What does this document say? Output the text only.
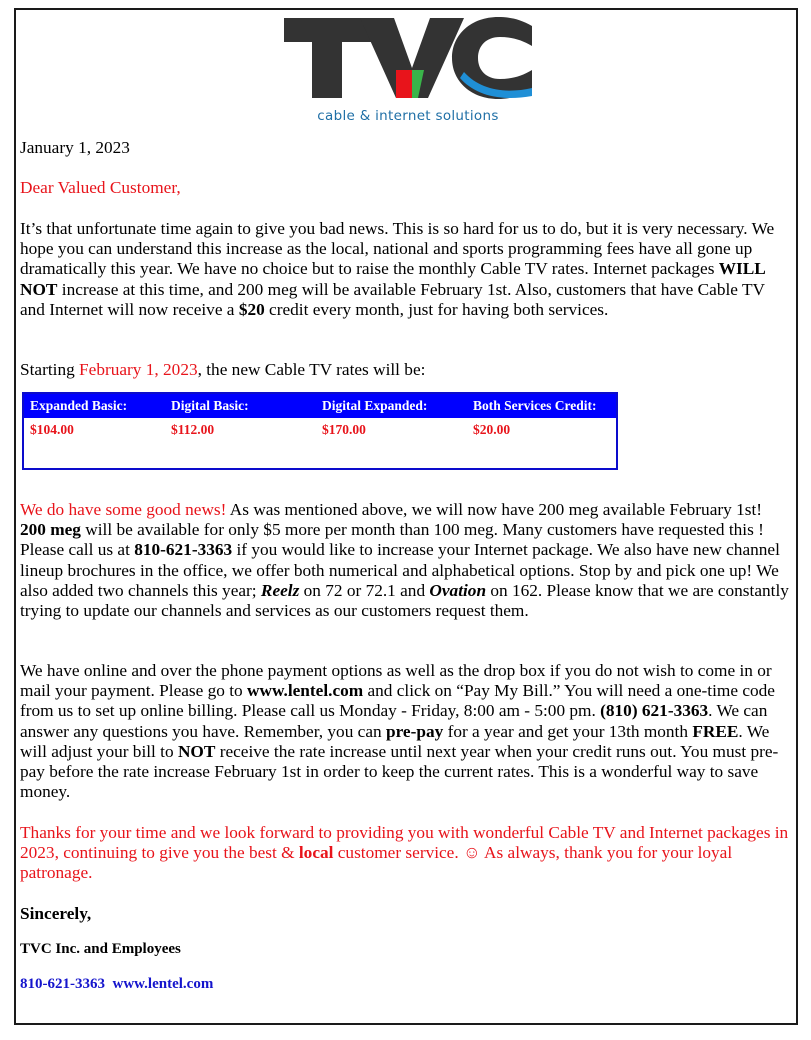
cable & internet solutions

January 1, 2023

Dear Valued Customer,

It’s that unfortunate time again to give you bad news. This is so hard for us to do, but it is very necessary. We hope you can understand this increase as the local, national and sports programming fees have all gone up dramatically this year. We have no choice but to raise the monthly Cable TV rates. Internet packages WILL NOT increase at this time, and 200 meg will be available February 1st. Also, customers that have Cable TV and Internet will now receive a $20 credit every month, just for having both services.

Starting February 1, 2023, the new Cable TV rates will be:

Expanded Basic:	Digital Basic:	Digital Expanded:	Both Services Credit:
$104.00	$112.00	$170.00	$20.00

We do have some good news! As was mentioned above, we will now have 200 meg available February 1st! 200 meg will be available for only $5 more per month than 100 meg. Many customers have requested this ! Please call us at 810-621-3363 if you would like to increase your Internet package. We also have new channel lineup brochures in the office, we offer both numerical and alphabetical options. Stop by and pick one up! We also added two channels this year; Reelz on 72 or 72.1 and Ovation on 162. Please know that we are constantly trying to update our channels and services as our customers request them.

We have online and over the phone payment options as well as the drop box if you do not wish to come in or mail your payment. Please go to www.lentel.com and click on “Pay My Bill.” You will need a one-time code from us to set up online billing. Please call us Monday - Friday, 8:00 am - 5:00 pm. (810) 621-3363. We can answer any questions you have. Remember, you can pre-pay for a year and get your 13th month FREE. We will adjust your bill to NOT receive the rate increase until next year when your credit runs out. You must pre-pay before the rate increase February 1st in order to keep the current rates. This is a wonderful way to save money.

Thanks for your time and we look forward to providing you with wonderful Cable TV and Internet packages in 2023, continuing to give you the best & local customer service. ☺ As always, thank you for your loyal patronage.

Sincerely,

TVC Inc. and Employees

810-621-3363 www.lentel.com
